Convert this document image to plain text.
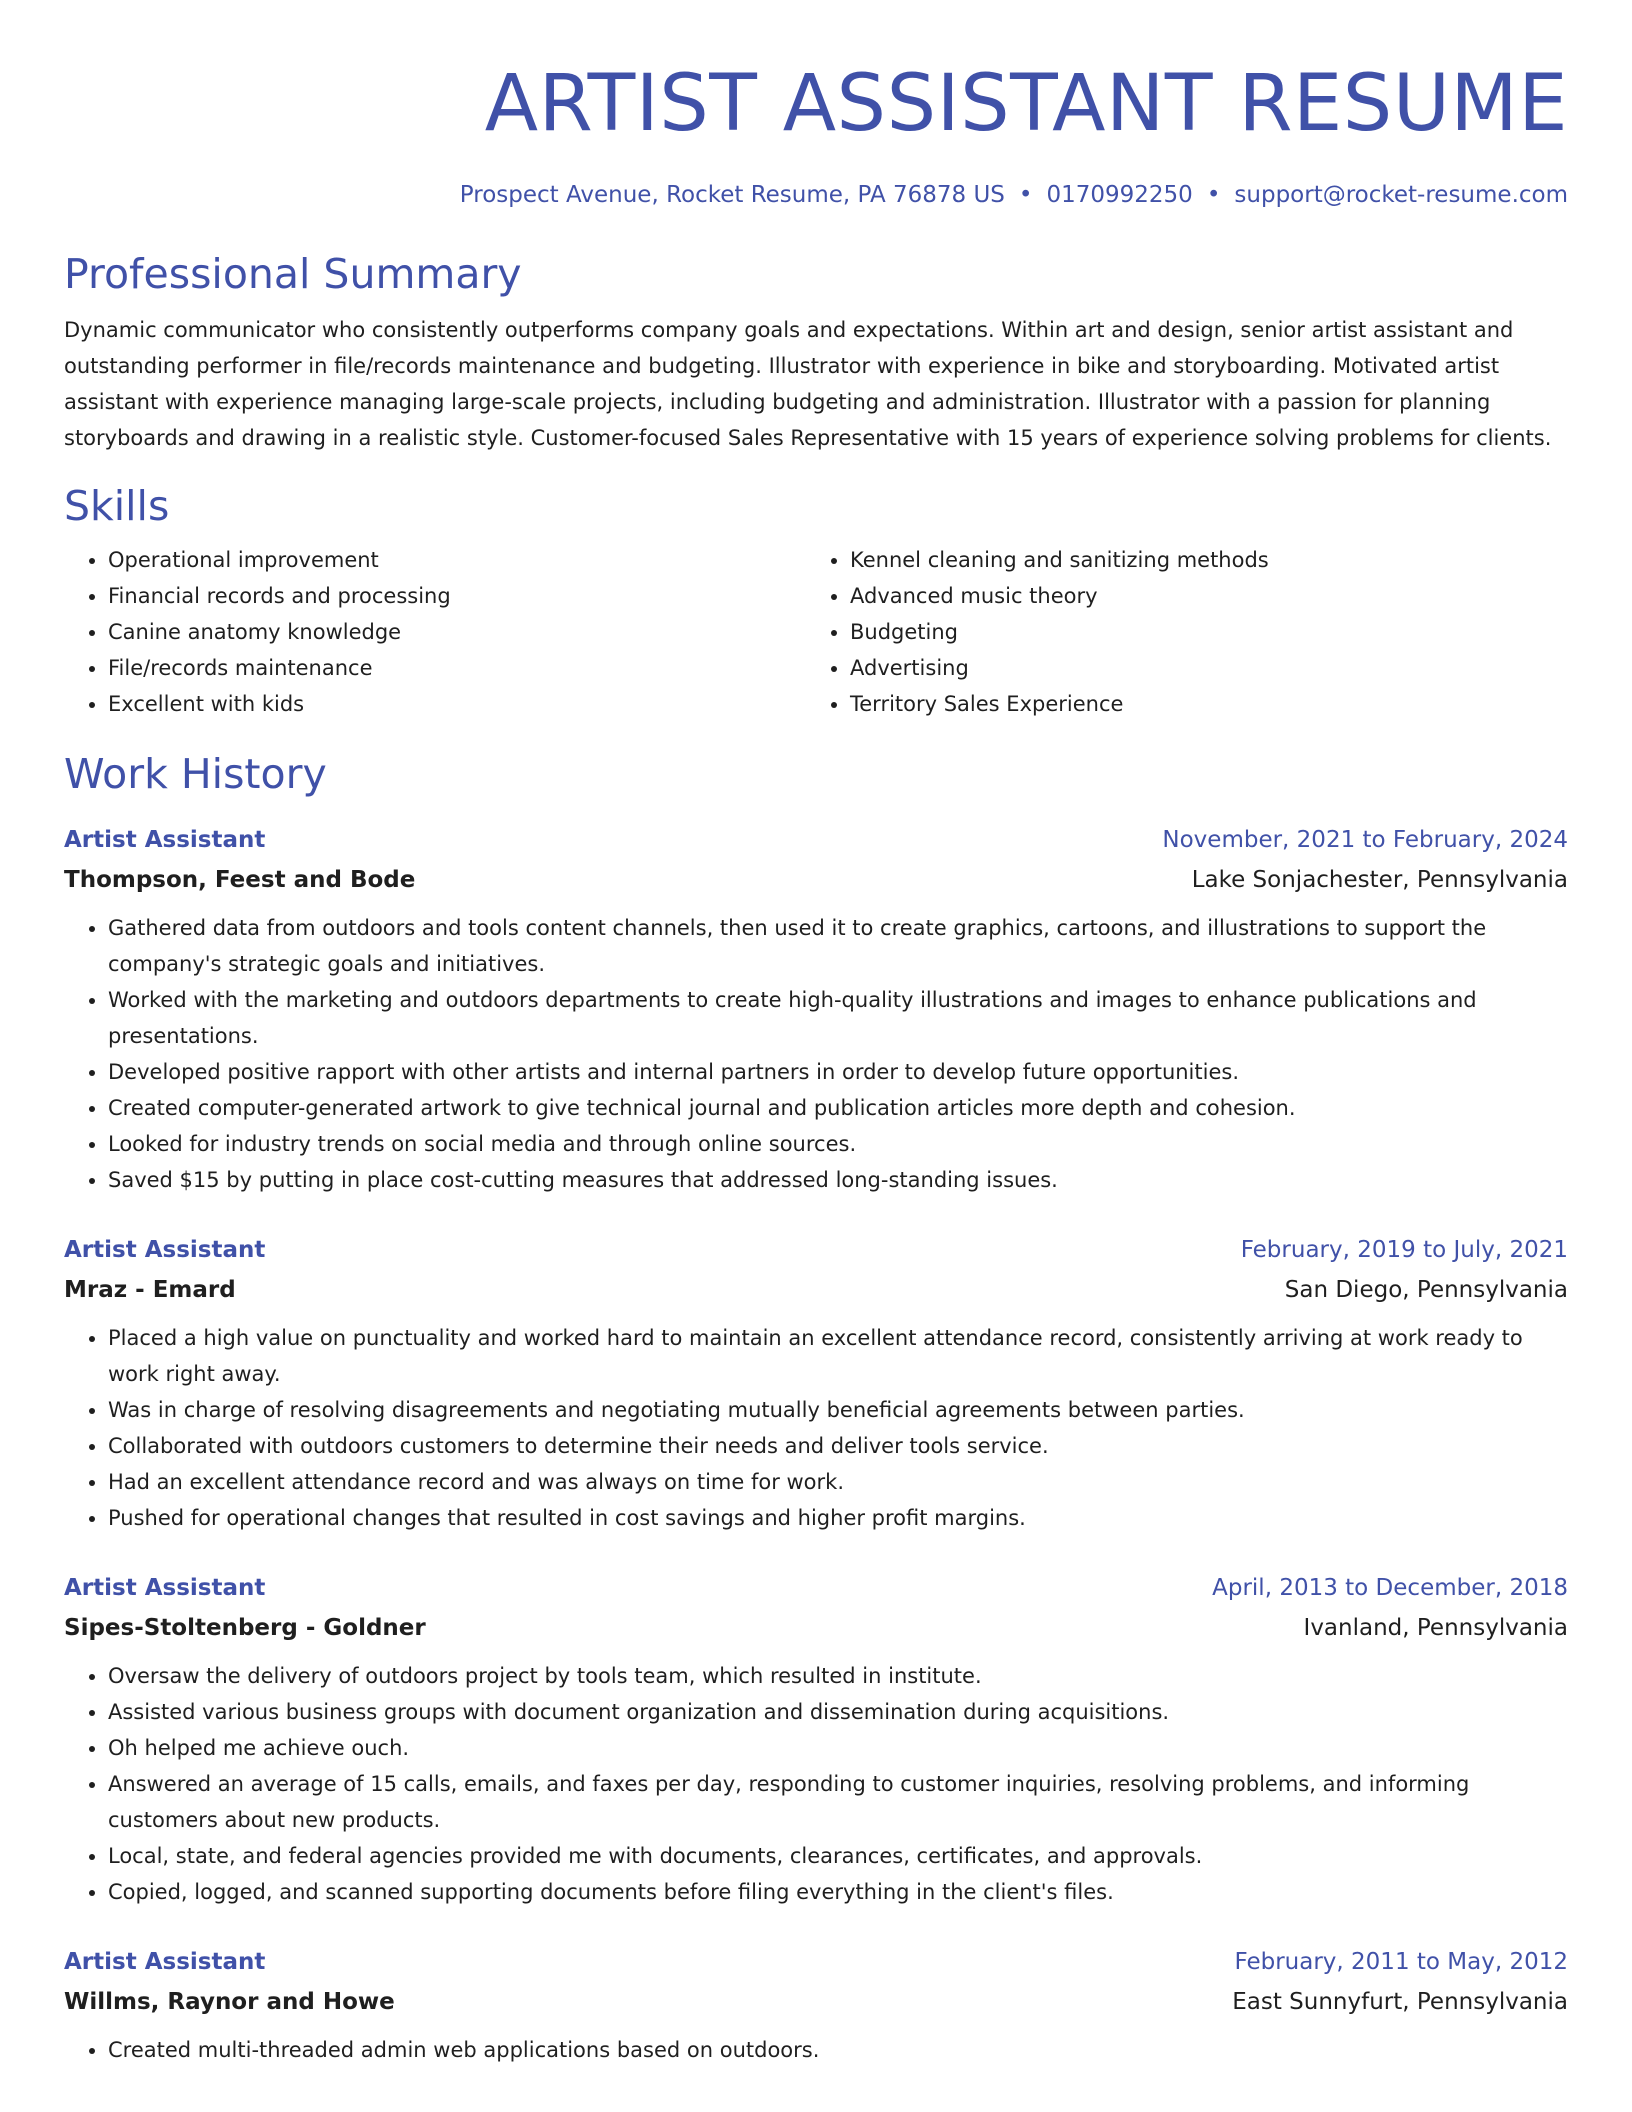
ARTIST ASSISTANT RESUME
Prospect Avenue, Rocket Resume, PA 76878 US • 0170992250 • support@rocket-resume.com
Professional Summary
Dynamic communicator who consistently outperforms company goals and expectations. Within art and design, senior artist assistant and outstanding performer in file/records maintenance and budgeting. Illustrator with experience in bike and storyboarding. Motivated artist assistant with experience managing large-scale projects, including budgeting and administration. Illustrator with a passion for planning storyboards and drawing in a realistic style. Customer-focused Sales Representative with 15 years of experience solving problems for clients.
Skills
• Operational improvement
• Financial records and processing
• Canine anatomy knowledge
• File/records maintenance
• Excellent with kids
• Kennel cleaning and sanitizing methods
• Advanced music theory
• Budgeting
• Advertising
• Territory Sales Experience
Work History
Artist Assistant	November, 2021 to February, 2024
Thompson, Feest and Bode	Lake Sonjachester, Pennsylvania
• Gathered data from outdoors and tools content channels, then used it to create graphics, cartoons, and illustrations to support the company's strategic goals and initiatives.
• Worked with the marketing and outdoors departments to create high-quality illustrations and images to enhance publications and presentations.
• Developed positive rapport with other artists and internal partners in order to develop future opportunities.
• Created computer-generated artwork to give technical journal and publication articles more depth and cohesion.
• Looked for industry trends on social media and through online sources.
• Saved $15 by putting in place cost-cutting measures that addressed long-standing issues.
Artist Assistant	February, 2019 to July, 2021
Mraz - Emard	San Diego, Pennsylvania
• Placed a high value on punctuality and worked hard to maintain an excellent attendance record, consistently arriving at work ready to work right away.
• Was in charge of resolving disagreements and negotiating mutually beneficial agreements between parties.
• Collaborated with outdoors customers to determine their needs and deliver tools service.
• Had an excellent attendance record and was always on time for work.
• Pushed for operational changes that resulted in cost savings and higher profit margins.
Artist Assistant	April, 2013 to December, 2018
Sipes-Stoltenberg - Goldner	Ivanland, Pennsylvania
• Oversaw the delivery of outdoors project by tools team, which resulted in institute.
• Assisted various business groups with document organization and dissemination during acquisitions.
• Oh helped me achieve ouch.
• Answered an average of 15 calls, emails, and faxes per day, responding to customer inquiries, resolving problems, and informing customers about new products.
• Local, state, and federal agencies provided me with documents, clearances, certificates, and approvals.
• Copied, logged, and scanned supporting documents before filing everything in the client's files.
Artist Assistant	February, 2011 to May, 2012
Willms, Raynor and Howe	East Sunnyfurt, Pennsylvania
• Created multi-threaded admin web applications based on outdoors.
